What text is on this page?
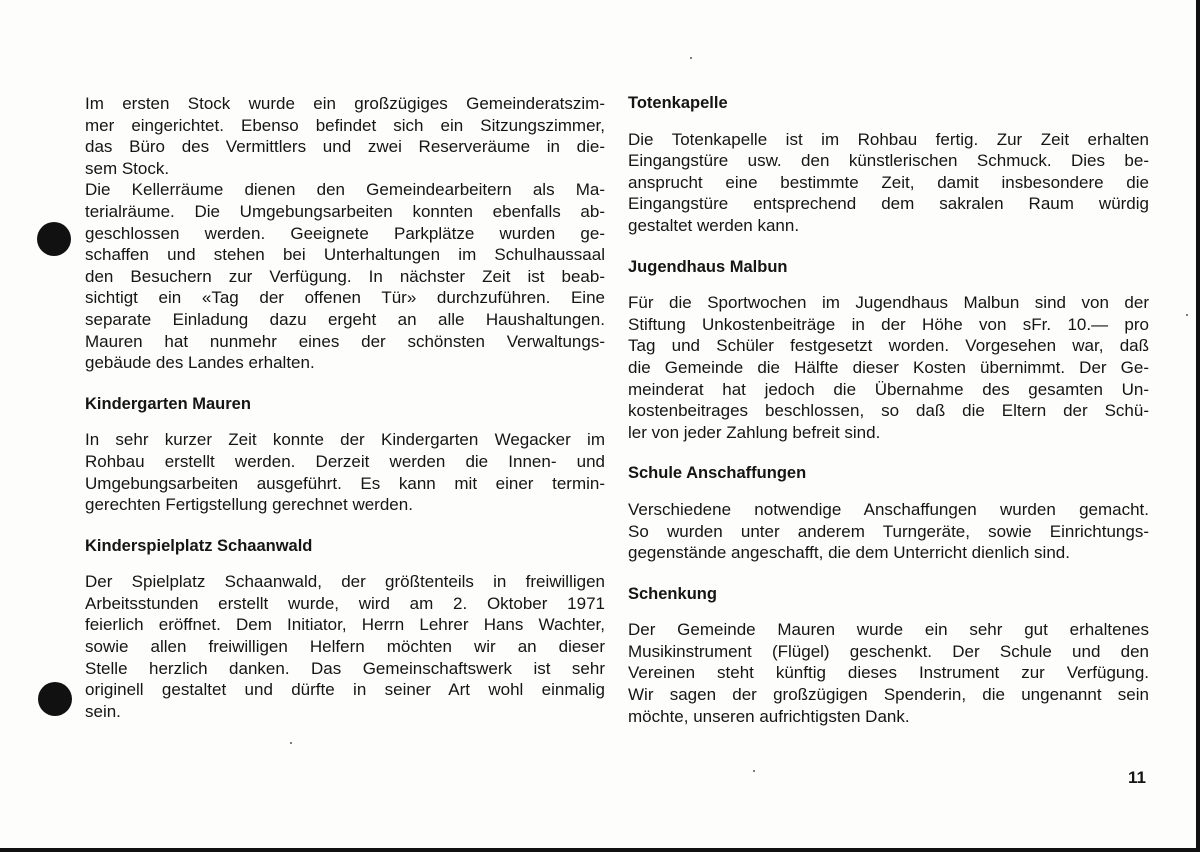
Im ersten Stock wurde ein großzügiges Gemeinderatszim-
mer eingerichtet. Ebenso befindet sich ein Sitzungszimmer,
das Büro des Vermittlers und zwei Reserveräume in die-
sem Stock.
Die Kellerräume dienen den Gemeindearbeitern als Ma-
terialräume. Die Umgebungsarbeiten konnten ebenfalls ab-
geschlossen werden. Geeignete Parkplätze wurden ge-
schaffen und stehen bei Unterhaltungen im Schulhaussaal
den Besuchern zur Verfügung. In nächster Zeit ist beab-
sichtigt ein «Tag der offenen Tür» durchzuführen. Eine
separate Einladung dazu ergeht an alle Haushaltungen.
Mauren hat nunmehr eines der schönsten Verwaltungs-
gebäude des Landes erhalten.

Kindergarten Mauren

In sehr kurzer Zeit konnte der Kindergarten Wegacker im
Rohbau erstellt werden. Derzeit werden die Innen- und
Umgebungsarbeiten ausgeführt. Es kann mit einer termin-
gerechten Fertigstellung gerechnet werden.

Kinderspielplatz Schaanwald

Der Spielplatz Schaanwald, der größtenteils in freiwilligen
Arbeitsstunden erstellt wurde, wird am 2. Oktober 1971
feierlich eröffnet. Dem Initiator, Herrn Lehrer Hans Wachter,
sowie allen freiwilligen Helfern möchten wir an dieser
Stelle herzlich danken. Das Gemeinschaftswerk ist sehr
originell gestaltet und dürfte in seiner Art wohl einmalig
sein.

Totenkapelle

Die Totenkapelle ist im Rohbau fertig. Zur Zeit erhalten
Eingangstüre usw. den künstlerischen Schmuck. Dies be-
ansprucht eine bestimmte Zeit, damit insbesondere die
Eingangstüre entsprechend dem sakralen Raum würdig
gestaltet werden kann.

Jugendhaus Malbun

Für die Sportwochen im Jugendhaus Malbun sind von der
Stiftung Unkostenbeiträge in der Höhe von sFr. 10.— pro
Tag und Schüler festgesetzt worden. Vorgesehen war, daß
die Gemeinde die Hälfte dieser Kosten übernimmt. Der Ge-
meinderat hat jedoch die Übernahme des gesamten Un-
kostenbeitrages beschlossen, so daß die Eltern der Schü-
ler von jeder Zahlung befreit sind.

Schule Anschaffungen

Verschiedene notwendige Anschaffungen wurden gemacht.
So wurden unter anderem Turngeräte, sowie Einrichtungs-
gegenstände angeschafft, die dem Unterricht dienlich sind.

Schenkung

Der Gemeinde Mauren wurde ein sehr gut erhaltenes
Musikinstrument (Flügel) geschenkt. Der Schule und den
Vereinen steht künftig dieses Instrument zur Verfügung.
Wir sagen der großzügigen Spenderin, die ungenannt sein
möchte, unseren aufrichtigsten Dank.

11
